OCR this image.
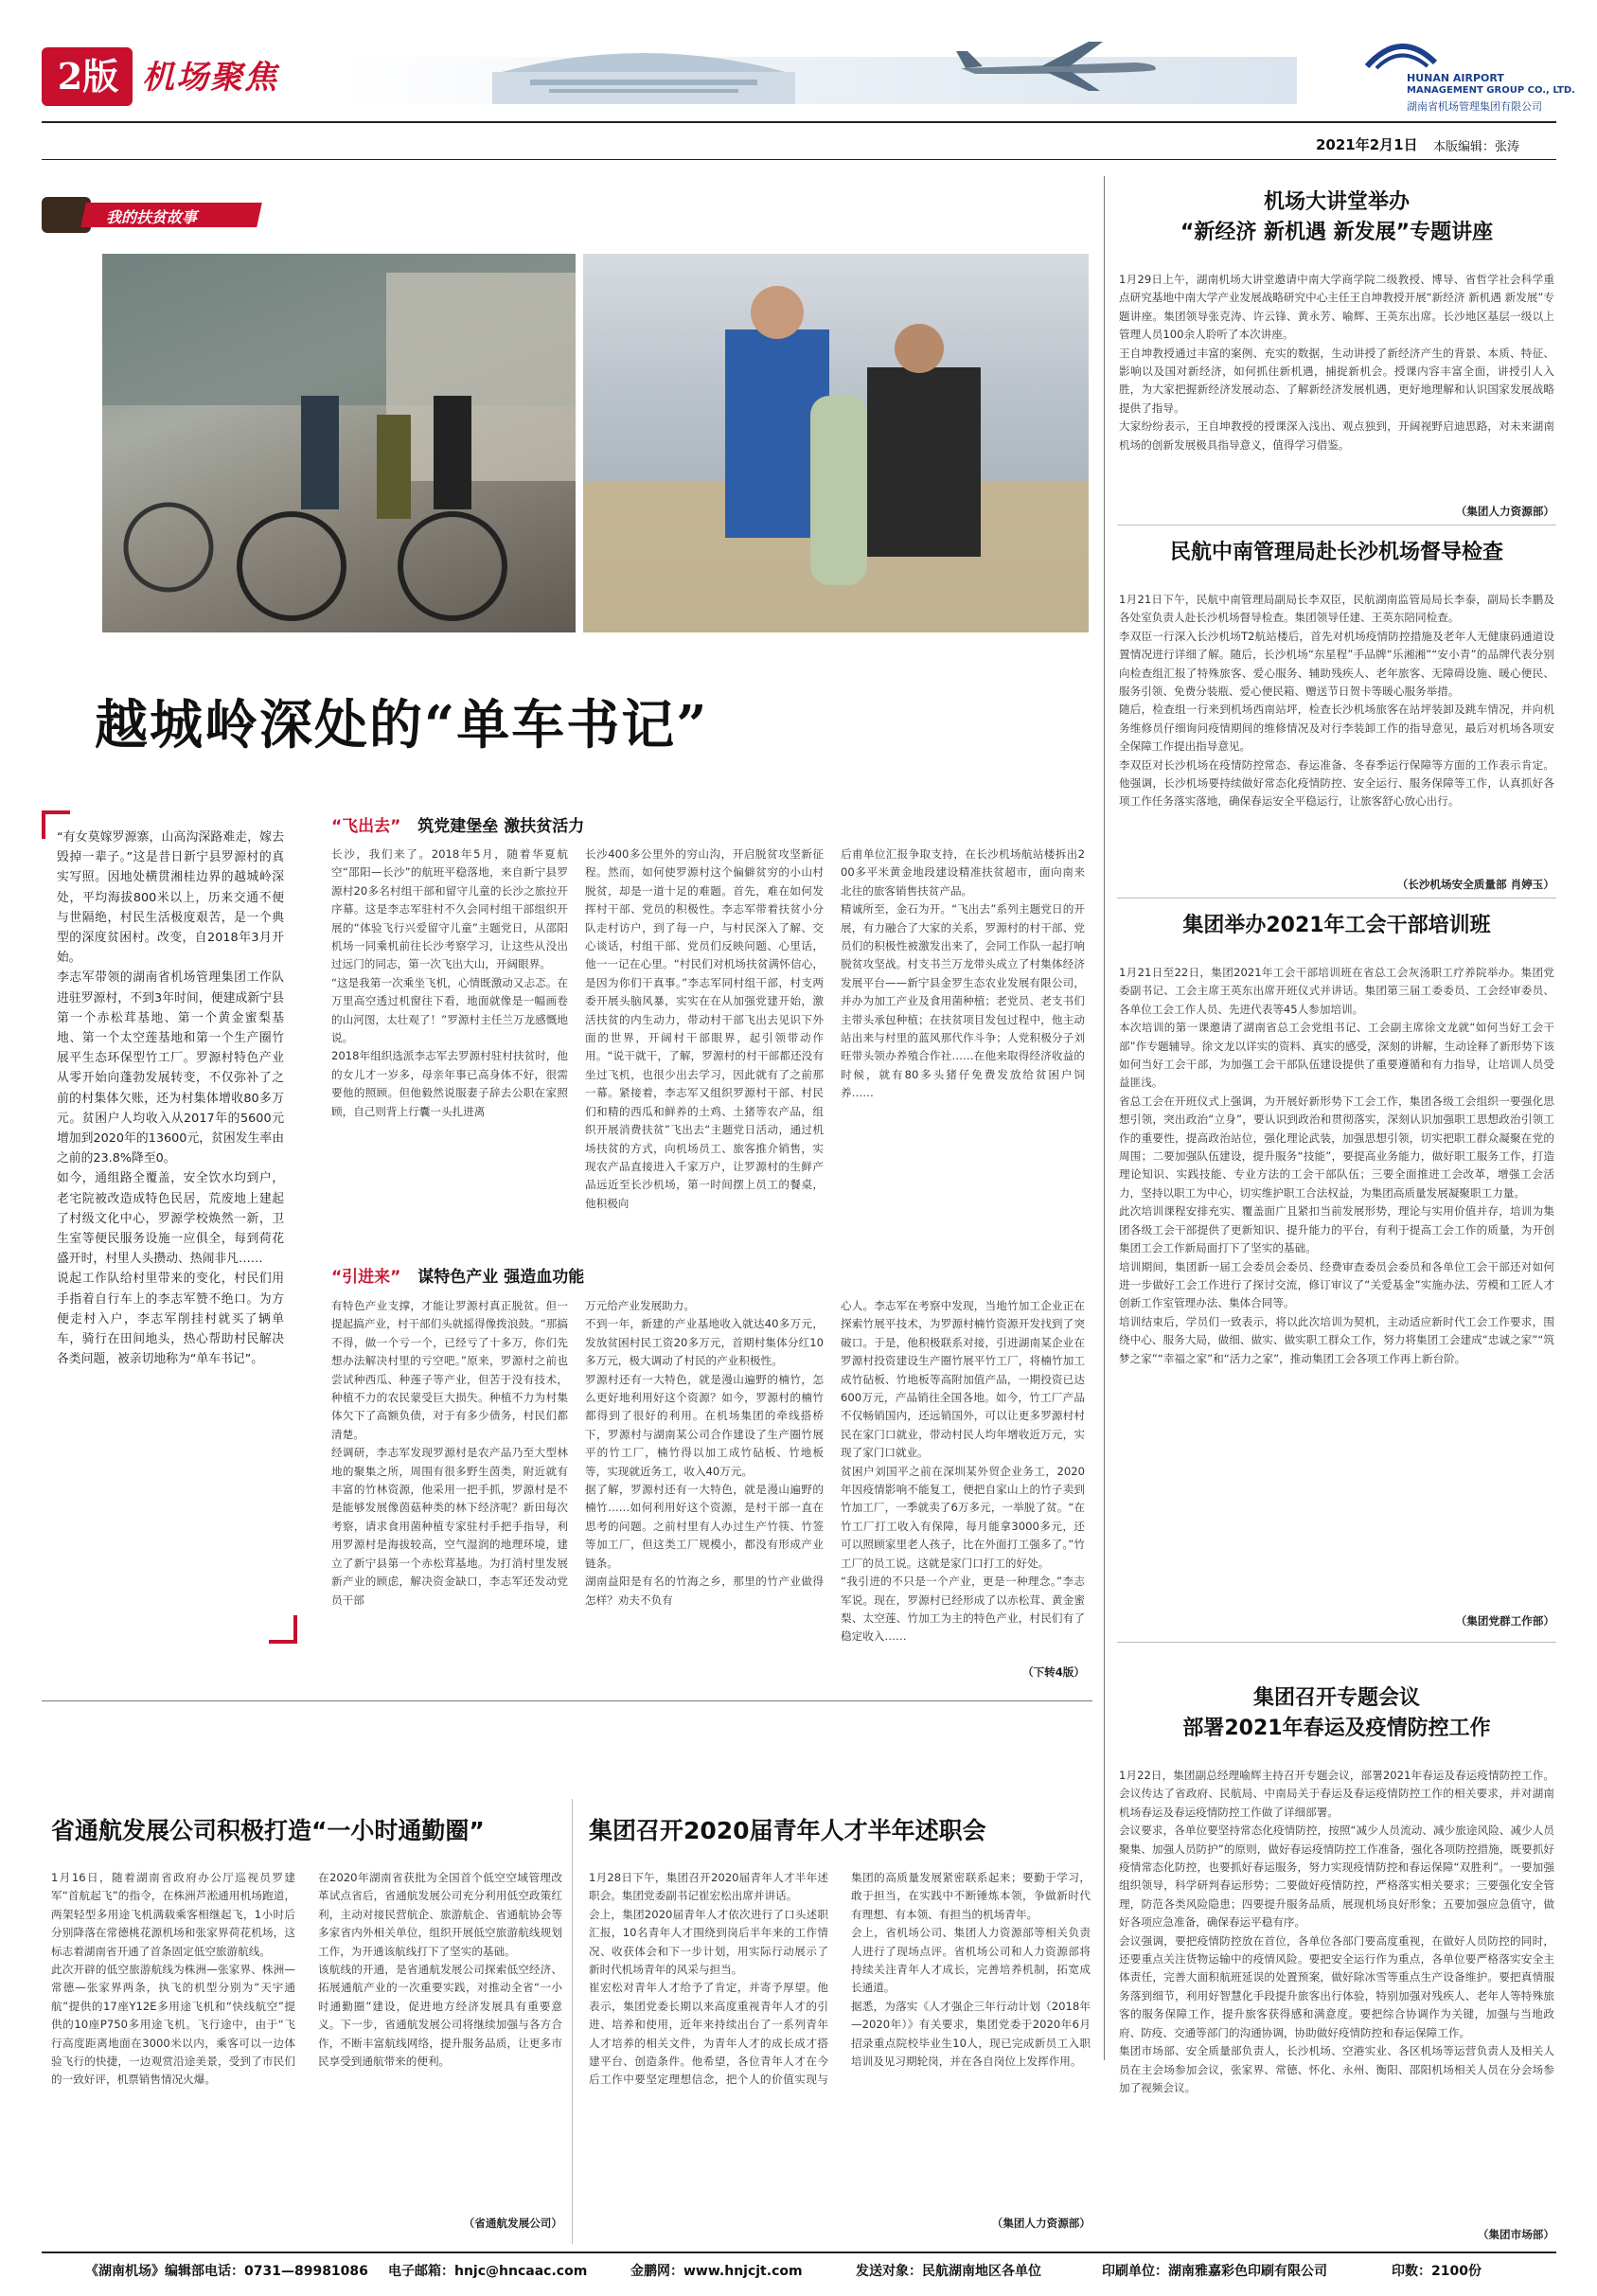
2版 机场聚焦	HUNAN AIRPORT
MANAGEMENT GROUP CO., LTD.
湖南省机场管理集团有限公司
2021年2月1日 本版编辑：张涛
我的扶贫故事
越城岭深处的“单车书记”
“有女莫嫁罗源寨，山高沟深路难走，嫁去毁掉一辈子。”这是昔日新宁县罗源村的真实写照。因地处横贯湘桂边界的越城岭深处，平均海拔800米以上，历来交通不便与世隔绝，村民生活极度艰苦，是一个典型的深度贫困村。改变，自2018年3月开始。
李志军带领的湖南省机场管理集团工作队进驻罗源村，不到3年时间，便建成新宁县第一个赤松茸基地、第一个黄金蜜梨基地、第一个太空莲基地和第一个生产圈竹展平生态环保型竹工厂。罗源村特色产业从零开始向蓬勃发展转变，不仅弥补了之前的村集体欠账，还为村集体增收80多万元。贫困户人均收入从2017年的5600元增加到2020年的13600元，贫困发生率由之前的23.8%降至0。
如今，通组路全覆盖，安全饮水均到户，老宅院被改造成特色民居，荒废地上建起了村级文化中心，罗源学校焕然一新，卫生室等便民服务设施一应俱全，每到荷花盛开时，村里人头攒动、热闹非凡……
说起工作队给村里带来的变化，村民们用手指着自行车上的李志军赞不绝口。为方便走村入户，李志军削挂村就买了辆单车，骑行在田间地头，热心帮助村民解决各类问题，被亲切地称为“单车书记”。
“飞出去” 筑党建堡垒 激扶贫活力
长沙，我们来了。2018年5月，随着华夏航空“邵阳—长沙”的航班平稳落地，来自新宁县罗源村20多名村组干部和留守儿童的长沙之旅拉开序幕。这是李志军驻村不久会同村组干部组织开展的“体验飞行兴爱留守儿童”主题党日，从邵阳机场一同乘机前往长沙考察学习，让这些从没出过远门的同志，第一次飞出大山，开阔眼界。
“这是我第一次乘坐飞机，心情既激动又忐忑。在万里高空透过机窗往下看，地面就像是一幅画卷的山河图，太壮观了！”罗源村主任兰万龙感慨地说。
2018年组织选派李志军去罗源村驻村扶贫时，他的女儿才一岁多，母亲年事已高身体不好，很需要他的照顾。但他毅然说服妻子辞去公职在家照顾，自己则背上行囊一头扎进离
长沙400多公里外的穷山沟，开启脱贫攻坚新征程。然而，如何使罗源村这个偏僻贫穷的小山村脱贫，却是一道十足的难题。首先，难在如何发挥村干部、党员的积极性。李志军带着扶贫小分队走村访户，到了每一户，与村民深入了解、交心谈话，村组干部、党员们反映问题、心里话，他一一记在心里。“村民们对机场扶贫满怀信心，是因为你们干真事。”李志军同村组干部，村支两委开展头脑风暴，实实在在从加强党建开始，激活扶贫的内生动力，带动村干部飞出去见识下外面的世界，开阔村干部眼界，起引领带动作用。“说干就干，了解，罗源村的村干部都还没有坐过飞机，也很少出去学习，因此就有了之前那一幕。紧接着，李志军又组织罗源村干部、村民们和精的西瓜和鲜养的土鸡、土猪等农产品，组织开展消费扶贫”飞出去“主题党日活动，通过机场扶贫的方式，向机场员工、旅客推介销售，实现农产品直接进入千家万户，让罗源村的生鲜产品远近至长沙机场，第一时间摆上员工的餐桌，他积极向
后甫单位汇报争取支持，在长沙机场航站楼拆出200多平米黄金地段建设精准扶贫超市，面向南来北往的旅客销售扶贫产品。
精诚所至，金石为开。“飞出去”系列主题党日的开展，有力融合了大家的关系，罗源村的村干部、党员们的积极性被激发出来了，会同工作队一起打响脱贫攻坚战。村支书兰万龙带头成立了村集体经济发展平台——新宁县金罗生态农业发展有限公司，并办为加工产业及食用菌种植；老党员、老支书们主带头承包种植；在扶贫项目发包过程中，他主动站出来与村里的蓝风那代作斗争；人党积极分子刘旺带头领办养殖合作社……在他来取得经济收益的时候，就有80多头猪仔免费发放给贫困户饲养……
“引进来” 谋特色产业 强造血功能
有特色产业支撑，才能让罗源村真正脱贫。但一提起搞产业，村干部们头就摇得像拨浪鼓。“那搞不得，做一个亏一个，已经亏了十多万，你们先想办法解决村里的亏空吧。”原来，罗源村之前也尝试种西瓜、种莲子等产业，但苦于没有技术，种植不力的农民蒙受巨大损失。种植不力为村集体欠下了高额负债，对于有多少债务，村民们都清楚。
经调研，李志军发现罗源村是农产品乃至大型林地的聚集之所，周围有很多野生茵类，附近就有丰富的竹林资源，他采用一把手抓，罗源村是不是能够发展像茵菇种类的林下经济呢？新田每次考察，请求食用菌种植专家驻村手把手指导，利用罗源村是海拔较高，空气湿润的地理环境，建立了新宁县第一个赤松茸基地。为打消村里发展新产业的顾虑，解决资金缺口，李志军还发动党员干部
万元给产业发展助力。
不到一年，新建的产业基地收入就达40多万元，发放贫困村民工资20多万元，首期村集体分红10多万元，极大调动了村民的产业积极性。
罗源村还有一大特色，就是漫山遍野的楠竹，怎么更好地利用好这个资源？如今，罗源村的楠竹都得到了很好的利用。在机场集团的牵线搭桥下，罗源村与湖南某公司合作建设了生产圈竹展平的竹工厂，楠竹得以加工成竹砧板、竹地板等，实现就近务工，收入40万元。
据了解，罗源村还有一大特色，就是漫山遍野的楠竹……如何利用好这个资源，是村干部一直在思考的问题。之前村里有人办过生产竹筷、竹签等加工厂，但这类工厂规模小，都没有形成产业链条。
湖南益阳是有名的竹海之乡，那里的竹产业做得怎样？劝夫不负有
心人。李志军在考察中发现，当地竹加工企业正在探索竹展平技术，为罗源村楠竹资源开发找到了突破口。于是，他积极联系对接，引进湖南某企业在罗源村投资建设生产圈竹展平竹工厂，将楠竹加工成竹砧板、竹地板等高附加值产品，一期投资已达600万元，产品销往全国各地。如今，竹工厂产品不仅畅销国内，还远销国外，可以让更多罗源村村民在家门口就业，带动村民人均年增收近万元，实现了家门口就业。
贫困户刘国平之前在深圳某外贸企业务工，2020年因疫情影响不能复工，便把自家山上的竹子卖到竹加工厂，一季就卖了6万多元，一举脱了贫。“在竹工厂打工收入有保障，每月能拿3000多元，还可以照顾家里老人孩子，比在外面打工强多了。”竹工厂的员工说。这就是家门口打工的好处。
“我引进的不只是一个产业，更是一种理念。”李志军说。现在，罗源村已经形成了以赤松茸、黄金蜜梨、太空莲、竹加工为主的特色产业，村民们有了稳定收入……
（下转4版）
机场大讲堂举办
“新经济 新机遇 新发展”专题讲座
1月29日上午，湖南机场大讲堂邀请中南大学商学院二级教授、博导、省哲学社会科学重点研究基地中南大学产业发展战略研究中心主任王自坤教授开展“新经济 新机遇 新发展”专题讲座。集团领导张克涛、许云锋、黄永芳、喻辉、王英东出席。长沙地区基层一级以上管理人员100余人聆听了本次讲座。
王自坤教授通过丰富的案例、充实的数据，生动讲授了新经济产生的背景、本质、特征、影响以及国对新经济，如何抓住新机遇，捕捉新机会。授课内容丰富全面，讲授引人入胜，为大家把握新经济发展动态、了解新经济发展机遇，更好地理解和认识国家发展战略提供了指导。
大家纷纷表示，王自坤教授的授课深入浅出、观点独到，开阔视野启迪思路，对未来湖南机场的创新发展极具指导意义，值得学习借鉴。
（集团人力资源部）
民航中南管理局赴长沙机场督导检查
1月21日下午，民航中南管理局副局长李双臣，民航湖南监管局局长李泰，副局长李鹏及各处室负责人赴长沙机场督导检查。集团领导任建、王英东陪同检查。
李双臣一行深入长沙机场T2航站楼后，首先对机场疫情防控措施及老年人无健康码通道设置情况进行详细了解。随后，长沙机场“东星程”手品牌“乐湘湘”“安小青”的品牌代表分别向检查组汇报了特殊旅客、爱心服务、辅助残疾人、老年旅客、无障碍设施、暖心便民、服务引领、免费分装瓶、爱心便民箱、赠送节日贺卡等暖心服务举措。
随后，检查组一行来到机场西南站坪，检查长沙机场旅客在站坪装卸及跳车情况，并向机务维修员仔细询问疫情期间的维修情况及对行李装卸工作的指导意见，最后对机场各项安全保障工作提出指导意见。
李双臣对长沙机场在疫情防控常态、春运准备、冬春季运行保障等方面的工作表示肯定。他强调，长沙机场要持续做好常态化疫情防控、安全运行、服务保障等工作，认真抓好各项工作任务落实落地，确保春运安全平稳运行，让旅客舒心放心出行。
（长沙机场安全质量部 肖婷玉）
集团举办2021年工会干部培训班
1月21日至22日，集团2021年工会干部培训班在省总工会灰汤职工疗养院举办。集团党委副书记、工会主席王英东出席开班仪式并讲话。集团第三届工委委员、工会经审委员、各单位工会工作人员、先进代表等45人参加培训。
本次培训的第一课邀请了湖南省总工会党组书记、工会副主席徐文龙就“如何当好工会干部”作专题辅导。徐文龙以详实的资料、真实的感受，深刻的讲解，生动诠释了新形势下该如何当好工会干部，为加强工会干部队伍建设提供了重要遵循和有力指导，让培训人员受益匪浅。
省总工会在开班仪式上强调，为开展好新形势下工会工作，集团各级工会组织一要强化思想引领，突出政治“立身”，要认识到政治和贯彻落实，深刻认识加强职工思想政治引领工作的重要性，提高政治站位，强化理论武装，加强思想引领，切实把职工群众凝聚在党的周围；二要加强队伍建设，提升服务“技能”，要提高业务能力，做好职工服务工作，打造理论知识、实践技能、专业方法的工会干部队伍；三要全面推进工会改革，增强工会活力，坚持以职工为中心，切实维护职工合法权益，为集团高质量发展凝聚职工力量。
此次培训课程安排充实、覆盖面广且紧扣当前发展形势，理论与实用价值并存，培训为集团各级工会干部提供了更新知识、提升能力的平台，有利于提高工会工作的质量，为开创集团工会工作新局面打下了坚实的基础。
培训期间，集团新一届工会委员会委员、经费审查委员会委员和各单位工会干部还对如何进一步做好工会工作进行了探讨交流，修订审议了“关爱基金”实施办法、劳模和工匠人才创新工作室管理办法、集体合同等。
培训结束后，学员们一致表示，将以此次培训为契机，主动适应新时代工会工作要求，围绕中心、服务大局，做细、做实、做实职工群众工作，努力将集团工会建成“忠诚之家”“筑梦之家”“幸福之家”和“活力之家”，推动集团工会各项工作再上新台阶。
（集团党群工作部）
集团召开专题会议
部署2021年春运及疫情防控工作
1月22日，集团副总经理喻辉主持召开专题会议，部署2021年春运及春运疫情防控工作。会议传达了省政府、民航局、中南局关于春运及春运疫情防控工作的相关要求，并对湖南机场春运及春运疫情防控工作做了详细部署。
会议要求，各单位要坚持常态化疫情防控，按照“减少人员流动、减少旅途风险、减少人员聚集、加强人员防护”的原则，做好春运疫情防控工作准备，强化各项防控措施，既要抓好疫情常态化防控，也要抓好春运服务，努力实现疫情防控和春运保障“双胜利”。一要加强组织领导，科学研判春运形势；二要做好疫情防控，严格落实相关要求；三要强化安全管理，防范各类风险隐患；四要提升服务品质，展现机场良好形象；五要加强应急值守，做好各项应急准备，确保春运平稳有序。
会议强调，要把疫情防控放在首位，各单位各部门要高度重视，在做好人员防控的同时，还要重点关注货物运输中的疫情风险。要把安全运行作为重点，各单位要严格落实安全主体责任，完善大面积航班延误的处置预案，做好除冰雪等重点生产设备维护。要把真情服务落到细节，利用好智慧化手段提升旅客出行体验，特别加强对残疾人、老年人等特殊旅客的服务保障工作，提升旅客获得感和满意度。要把综合协调作为关键，加强与当地政府、防疫、交通等部门的沟通协调，协助做好疫情防控和春运保障工作。
集团市场部、安全质量部负责人，长沙机场、空港实业、各区机场等运营负责人及相关人员在主会场参加会议，张家界、常德、怀化、永州、衡阳、邵阳机场相关人员在分会场参加了视频会议。
（集团市场部）
省通航发展公司积极打造“一小时通勤圈”
1月16日，随着湖南省政府办公厅巡视员罗建军“首航起飞”的指令，在株洲芦淞通用机场跑道，两架轻型多用途飞机满载乘客相继起飞，1小时后分别降落在常德桃花源机场和张家界荷花机场，这标志着湖南省开通了首条固定低空旅游航线。
此次开辟的低空旅游航线为株洲—张家界、株洲—常德—张家界两条，执飞的机型分别为“天宇通航”提供的17座Y12E多用途飞机和“快线航空”提供的10座P750多用途飞机。飞行途中，由于“飞行高度距离地面在3000米以内，乘客可以一边体验飞行的快捷，一边观赏沿途美景，受到了市民们的一致好评，机票销售情况火爆。
在2020年湖南省获批为全国首个低空空域管理改革试点省后，省通航发展公司充分利用低空政策红利，主动对接民营航企、旅游航企、省通航协会等多家省内外相关单位，组织开展低空旅游航线规划工作，为开通该航线打下了坚实的基础。
该航线的开通，是省通航发展公司探索低空经济、拓展通航产业的一次重要实践，对推动全省“一小时通勤圈”建设，促进地方经济发展具有重要意义。下一步，省通航发展公司将继续加强与各方合作，不断丰富航线网络，提升服务品质，让更多市民享受到通航带来的便利。
（省通航发展公司）
集团召开2020届青年人才半年述职会
1月28日下午，集团召开2020届青年人才半年述职会。集团党委副书记崔宏松出席并讲话。
会上，集团2020届青年人才依次进行了口头述职汇报，10名青年人才围绕到岗后半年来的工作情况、收获体会和下一步计划，用实际行动展示了新时代机场青年的风采与担当。
崔宏松对青年人才给予了肯定，并寄予厚望。他表示，集团党委长期以来高度重视青年人才的引进、培养和使用，近年来持续出台了一系列青年人才培养的相关文件，为青年人才的成长成才搭建平台、创造条件。他希望，各位青年人才在今后工作中要坚定理想信念，把个人的价值实现与集团的高质量发展紧密联系起来；要勤于学习，敢于担当，在实践中不断锤炼本领，争做新时代有理想、有本领、有担当的机场青年。
会上，省机场公司、集团人力资源部等相关负责人进行了现场点评。省机场公司和人力资源部将持续关注青年人才成长，完善培养机制，拓宽成长通道。
据悉，为落实《人才强企三年行动计划（2018年—2020年）》有关要求，集团党委于2020年6月招录重点院校毕业生10人，现已完成新员工入职培训及见习期轮岗，并在各自岗位上发挥作用。
（集团人力资源部）
《湖南机场》编辑部电话：0731—89981086 电子邮箱：hnjc@hncaac.com	金鹏网：www.hnjcjt.com	发送对象：民航湖南地区各单位	印刷单位：湖南雅嘉彩色印刷有限公司	印数：2100份
